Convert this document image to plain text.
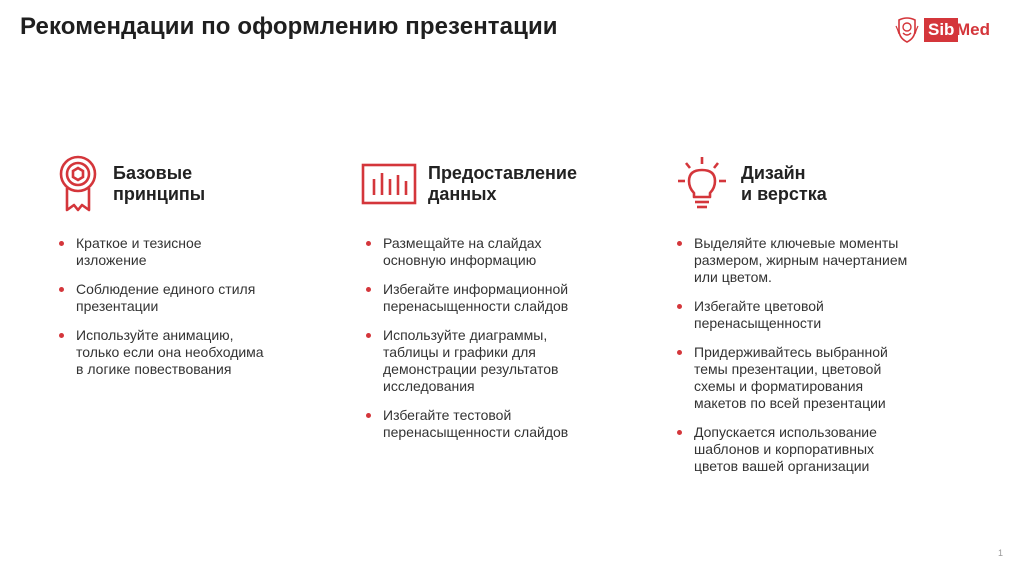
Рекомендации по оформлению презентации	Sib Med
Базовые
принципы
Краткое и тезисное
изложение
Соблюдение единого стиля
презентации
Используйте анимацию,
только если она необходима
в логике повествования
Предоставление
данных
Размещайте на слайдах
основную информацию
Избегайте информационной
перенасыщенности слайдов
Используйте диаграммы,
таблицы и графики для
демонстрации результатов
исследования
Избегайте тестовой
перенасыщенности слайдов
Дизайн
и верстка
Выделяйте ключевые моменты
размером, жирным начертанием
или цветом.
Избегайте цветовой
перенасыщенности
Придерживайтесь выбранной
темы презентации, цветовой
схемы и форматирования
макетов по всей презентации
Допускается использование
шаблонов и корпоративных
цветов вашей организации
1
